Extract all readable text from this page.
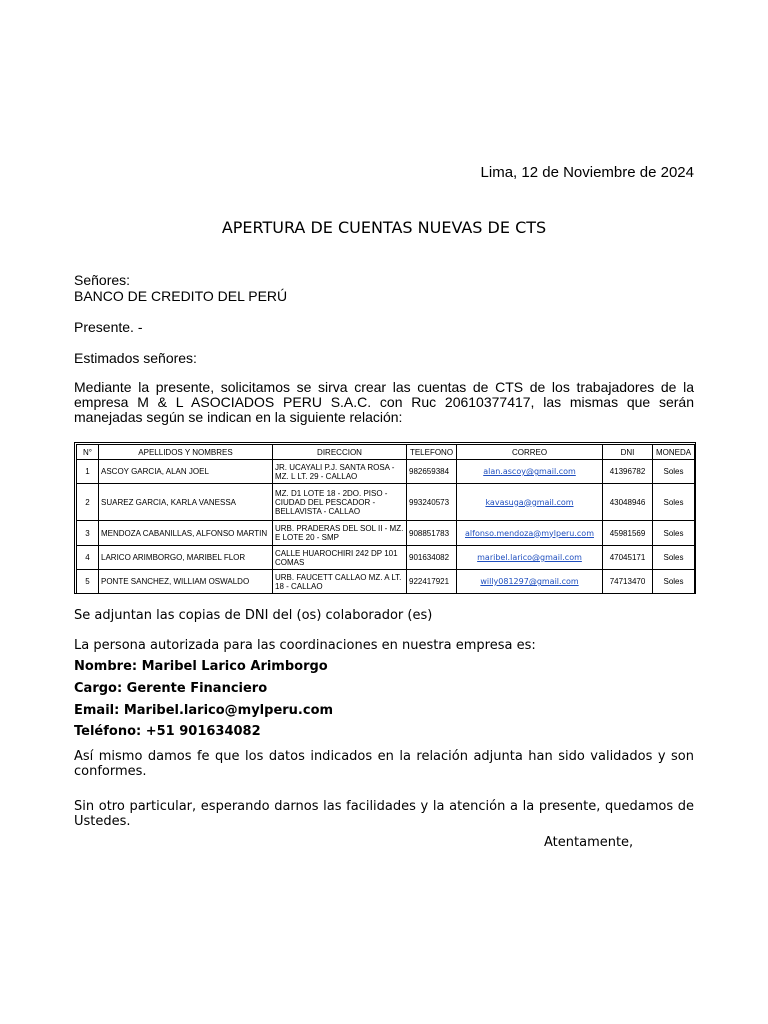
Lima, 12 de Noviembre de 2024
APERTURA DE CUENTAS NUEVAS DE CTS
Señores:
BANCO DE CREDITO DEL PERÚ
Presente. -
Estimados señores:
Mediante la presente, solicitamos se sirva crear las cuentas de CTS de los trabajadores de la empresa M & L ASOCIADOS PERU S.A.C. con Ruc 20610377417, las mismas que serán manejadas según se indican en la siguiente relación:
N°	APELLIDOS Y NOMBRES	DIRECCION	TELEFONO	CORREO	DNI	MONEDA
1	ASCOY GARCIA, ALAN JOEL	JR. UCAYALI P.J. SANTA ROSA - MZ. L LT. 29 - CALLAO	982659384	alan.ascoy@gmail.com	41396782	Soles
2	SUAREZ GARCIA, KARLA VANESSA	MZ. D1 LOTE 18 - 2DO. PISO - CIUDAD DEL PESCADOR - BELLAVISTA - CALLAO	993240573	kavasuga@gmail.com	43048946	Soles
3	MENDOZA CABANILLAS, ALFONSO MARTIN	URB. PRADERAS DEL SOL II - MZ. E LOTE 20 - SMP	908851783	alfonso.mendoza@mylperu.com	45981569	Soles
4	LARICO ARIMBORGO, MARIBEL FLOR	CALLE HUAROCHIRI 242 DP 101 COMAS	901634082	maribel.larico@gmail.com	47045171	Soles
5	PONTE SANCHEZ, WILLIAM OSWALDO	URB. FAUCETT CALLAO MZ. A LT. 18 - CALLAO	922417921	willy081297@gmail.com	74713470	Soles
Se adjuntan las copias de DNI del (os) colaborador (es)
La persona autorizada para las coordinaciones en nuestra empresa es:
Nombre: Maribel Larico Arimborgo
Cargo: Gerente Financiero
Email: Maribel.larico@mylperu.com
Teléfono: +51 901634082
Así mismo damos fe que los datos indicados en la relación adjunta han sido validados y son conformes.
Sin otro particular, esperando darnos las facilidades y la atención a la presente, quedamos de Ustedes.
Atentamente,
